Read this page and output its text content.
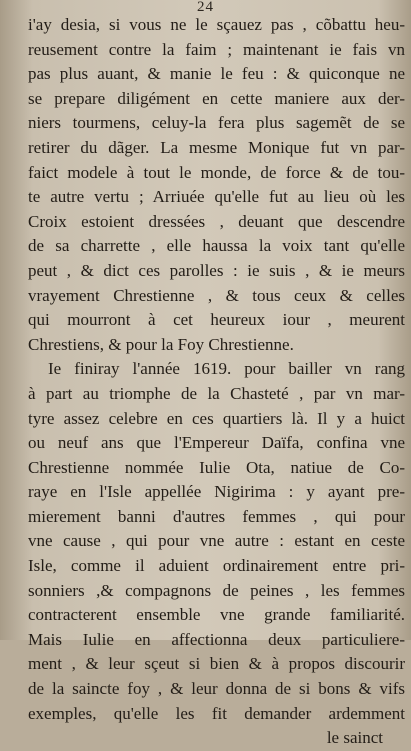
24
i'ay desia, si vous ne le sçauez pas , cõbattu heu-
reusement contre la faim ; maintenant ie fais vn
pas plus auant, & manie le feu : & quiconque ne
se prepare diligément en cette maniere aux der-
niers tourmens, celuy-la fera plus sagemẽt de se
retirer du dãger. La mesme Monique fut vn par-
faict modele à tout le monde, de force & de tou-
te autre vertu ; Arriuée qu'elle fut au lieu où les
Croix estoient dressées , deuant que descendre
de sa charrette , elle haussa la voix tant qu'elle
peut , & dict ces parolles : ie suis , & ie meurs
vrayement Chrestienne , & tous ceux & celles
qui mourront à cet heureux iour , meurent
Chrestiens, & pour la Foy Chrestienne.
Ie finiray l'année 1619. pour bailler vn rang
à part au triomphe de la Chasteté , par vn mar-
tyre assez celebre en ces quartiers là. Il y a huict
ou neuf ans que l'Empereur Daïfa, confina vne
Chrestienne nommée Iulie Ota, natiue de Co-
raye en l'Isle appellée Nigirima : y ayant pre-
mierement banni d'autres femmes , qui pour
vne cause , qui pour vne autre : estant en ceste
Isle, comme il aduient ordinairement entre pri-
sonniers ,& compagnons de peines , les femmes
contracterent ensemble vne grande familiarité.
Mais Iulie en affectionna deux particuliere-
ment , & leur sçeut si bien & à propos discourir
de la saincte foy , & leur donna de si bons & vifs
exemples, qu'elle les fit demander ardemment
le sainct
